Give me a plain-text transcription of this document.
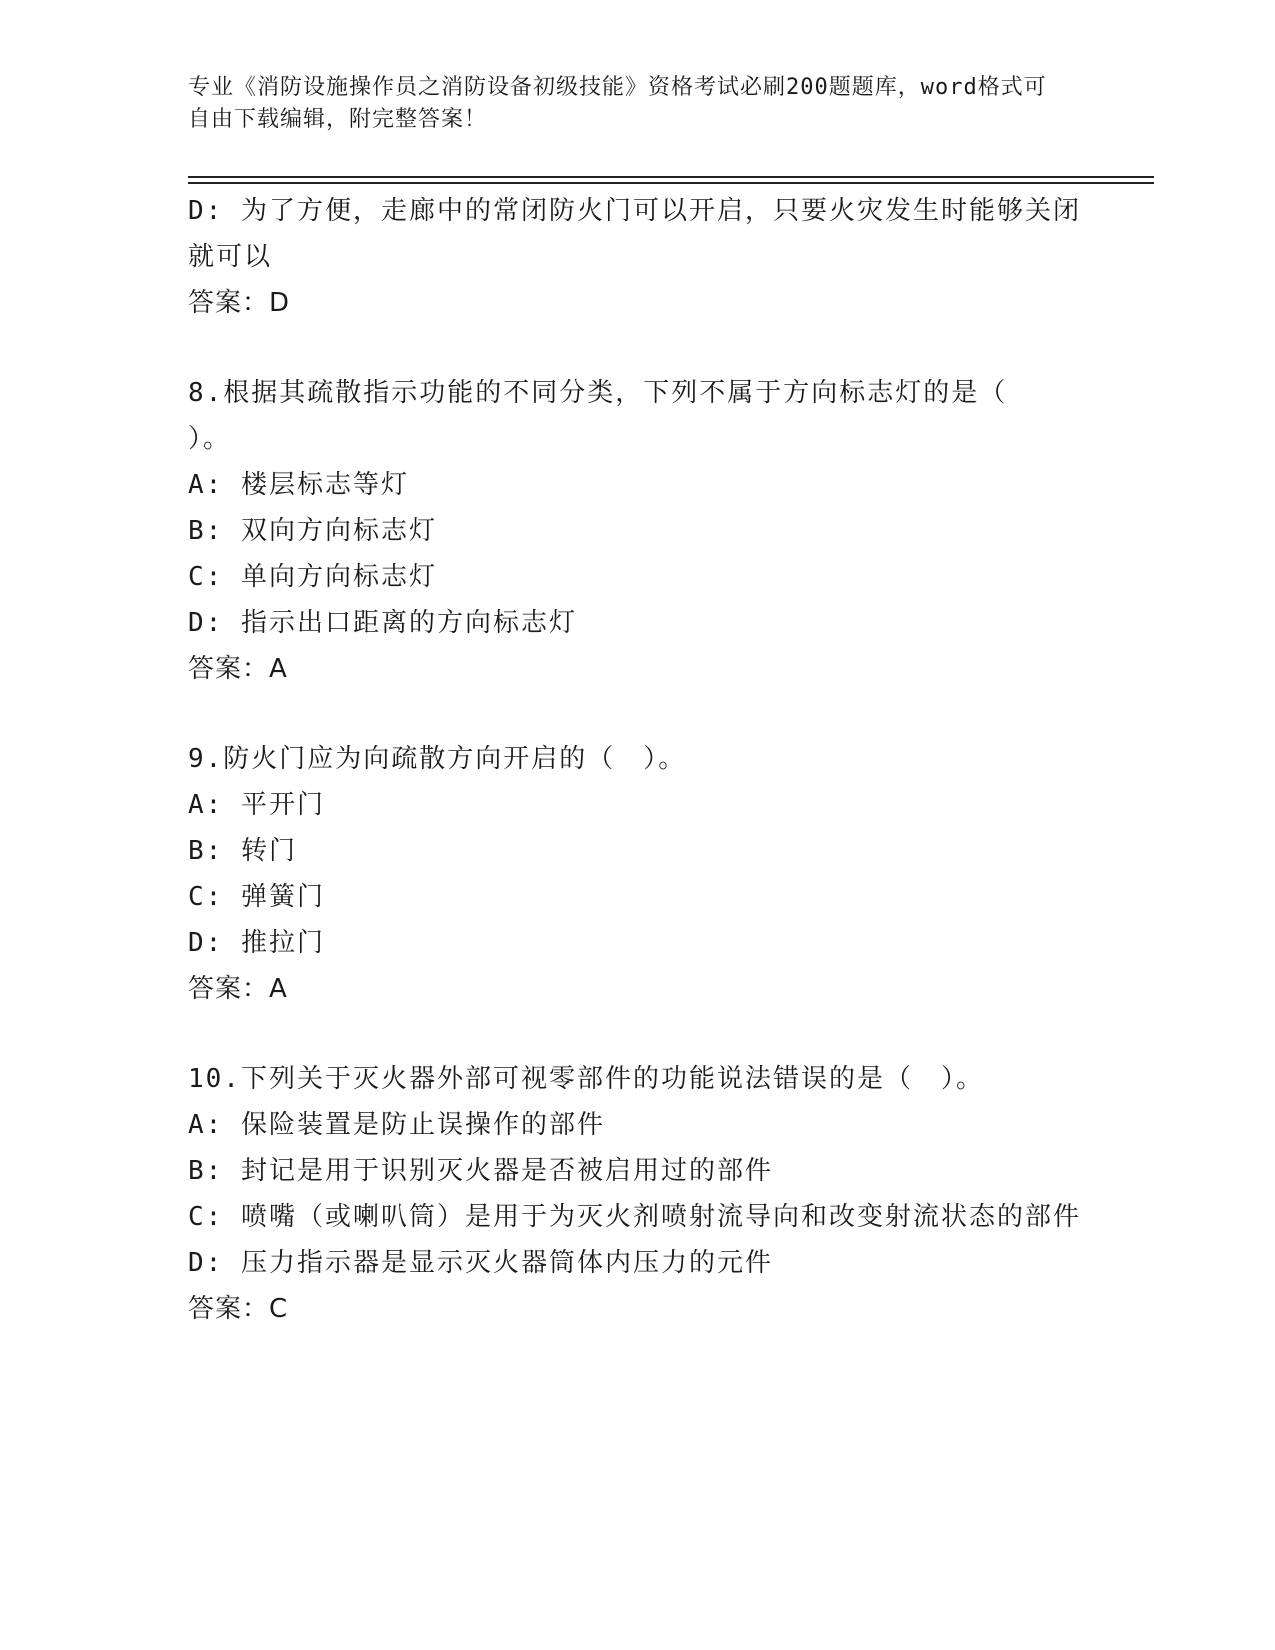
专业《消防设施操作员之消防设备初级技能》资格考试必刷200题题库，word格式可自由下载编辑，附完整答案！

D: 为了方便，走廊中的常闭防火门可以开启，只要火灾发生时能够关闭就可以

答案：D

8.根据其疏散指示功能的不同分类，下列不属于方向标志灯的是（

）。

A: 楼层标志等灯

B: 双向方向标志灯

C: 单向方向标志灯

D: 指示出口距离的方向标志灯

答案：A

9.防火门应为向疏散方向开启的（　）。

A: 平开门

B: 转门

C: 弹簧门

D: 推拉门

答案：A

10.下列关于灭火器外部可视零部件的功能说法错误的是（　）。

A: 保险装置是防止误操作的部件

B: 封记是用于识别灭火器是否被启用过的部件

C: 喷嘴（或喇叭筒）是用于为灭火剂喷射流导向和改变射流状态的部件

D: 压力指示器是显示灭火器筒体内压力的元件

答案：C
